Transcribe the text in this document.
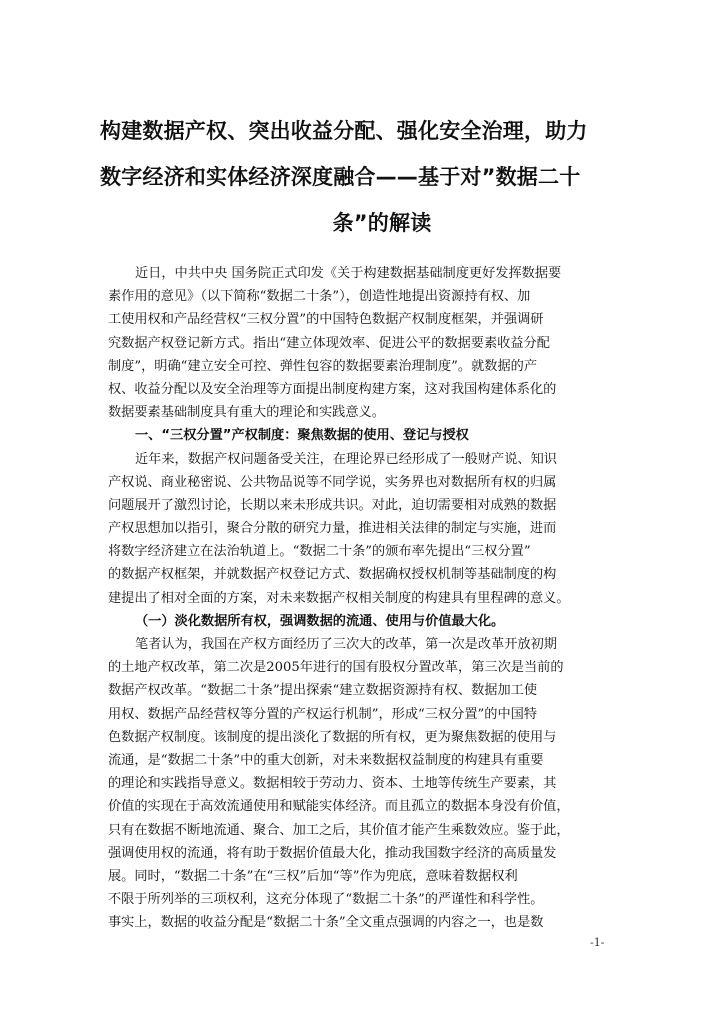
构建数据产权、突出收益分配、强化安全治理，助力
数字经济和实体经济深度融合——基于对”数据二十
条”的解读
近日，中共中央 国务院正式印发《关于构建数据基础制度更好发挥数据要
素作用的意见》（以下简称“数据二十条”），创造性地提出资源持有权、加
工使用权和产品经营权“三权分置”的中国特色数据产权制度框架，并强调研
究数据产权登记新方式。指出“建立体现效率、促进公平的数据要素收益分配
制度”，明确“建立安全可控、弹性包容的数据要素治理制度”。就数据的产
权、收益分配以及安全治理等方面提出制度构建方案，这对我国构建体系化的
数据要素基础制度具有重大的理论和实践意义。
一、“三权分置”产权制度：聚焦数据的使用、登记与授权
近年来，数据产权问题备受关注，在理论界已经形成了一般财产说、知识
产权说、商业秘密说、公共物品说等不同学说，实务界也对数据所有权的归属
问题展开了激烈讨论，长期以来未形成共识。对此，迫切需要相对成熟的数据
产权思想加以指引，聚合分散的研究力量，推进相关法律的制定与实施，进而
将数字经济建立在法治轨道上。“数据二十条”的颁布率先提出“三权分置”
的数据产权框架，并就数据产权登记方式、数据确权授权机制等基础制度的构
建提出了相对全面的方案，对未来数据产权相关制度的构建具有里程碑的意义。
（一）淡化数据所有权，强调数据的流通、使用与价值最大化。
笔者认为，我国在产权方面经历了三次大的改革，第一次是改革开放初期
的土地产权改革，第二次是2005年进行的国有股权分置改革，第三次是当前的
数据产权改革。“数据二十条”提出探索“建立数据资源持有权、数据加工使
用权、数据产品经营权等分置的产权运行机制”，形成“三权分置”的中国特
色数据产权制度。该制度的提出淡化了数据的所有权，更为聚焦数据的使用与
流通，是“数据二十条”中的重大创新，对未来数据权益制度的构建具有重要
的理论和实践指导意义。数据相较于劳动力、资本、土地等传统生产要素，其
价值的实现在于高效流通使用和赋能实体经济。而且孤立的数据本身没有价值，
只有在数据不断地流通、聚合、加工之后，其价值才能产生乘数效应。鉴于此，
强调使用权的流通，将有助于数据价值最大化，推动我国数字经济的高质量发
展。同时，“数据二十条”在“三权”后加“等”作为兜底，意味着数据权利
不限于所列举的三项权利，这充分体现了“数据二十条”的严谨性和科学性。
事实上，数据的收益分配是“数据二十条”全文重点强调的内容之一，也是数
-1-
